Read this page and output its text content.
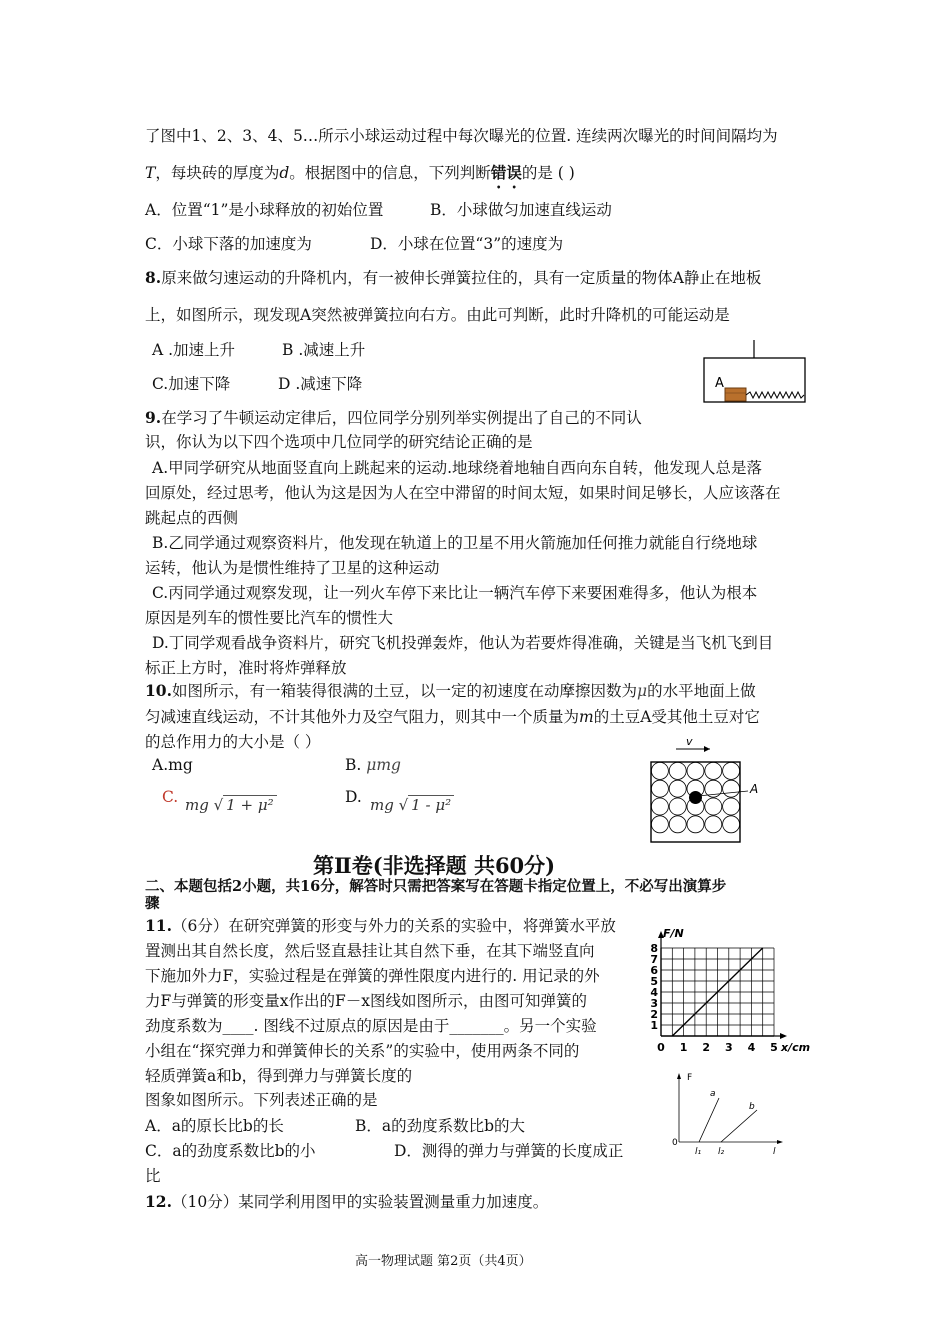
了图中1、2、3、4、5…所示小球运动过程中每次曝光的位置. 连续两次曝光的时间间隔均为
T，每块砖的厚度为d。根据图中的信息，下列判断错误的是 ( )
A．位置“1”是小球释放的初始位置	B．小球做匀加速直线运动
C．小球下落的加速度为	D．小球在位置“3”的速度为
8.原来做匀速运动的升降机内，有一被伸长弹簧拉住的，具有一定质量的物体A静止在地板
上，如图所示，现发现A突然被弹簧拉向右方。由此可判断，此时升降机的可能运动是
A .加速上升	B .减速上升
C.加速下降	D .减速下降	A
9.在学习了牛顿运动定律后，四位同学分别列举实例提出了自己的不同认
识，你认为以下四个选项中几位同学的研究结论正确的是
A.甲同学研究从地面竖直向上跳起来的运动.地球绕着地轴自西向东自转，他发现人总是落
回原处，经过思考，他认为这是因为人在空中滞留的时间太短，如果时间足够长，人应该落在
跳起点的西侧
B.乙同学通过观察资料片，他发现在轨道上的卫星不用火箭施加任何推力就能自行绕地球
运转，他认为是惯性维持了卫星的这种运动
C.丙同学通过观察发现，让一列火车停下来比让一辆汽车停下来要困难得多，他认为根本
原因是列车的惯性要比汽车的惯性大
D.丁同学观看战争资料片，研究飞机投弹轰炸，他认为若要炸得准确，关键是当飞机飞到目
标正上方时，准时将炸弹释放
10.如图所示，有一箱装得很满的土豆，以一定的初速度在动摩擦因数为μ的水平地面上做
匀减速直线运动，不计其他外力及空气阻力，则其中一个质量为m的土豆A受其他土豆对它
的总作用力的大小是（ ）
A.mg	B. μmg
C. mg √ 1 + μ²	D. mg √ 1 - μ²
v
A
第Ⅱ卷(非选择题 共60分)
二、本题包括2小题，共16分，解答时只需把答案写在答题卡指定位置上，不必写出演算步
骤
11.（6分）在研究弹簧的形变与外力的关系的实验中，将弹簧水平放
置测出其自然长度，然后竖直悬挂让其自然下垂，在其下端竖直向
下施加外力F，实验过程是在弹簧的弹性限度内进行的. 用记录的外
力F与弹簧的形变量x作出的F－x图线如图所示，由图可知弹簧的
劲度系数为____. 图线不过原点的原因是由于_______。另一个实验
小组在“探究弹力和弹簧伸长的关系”的实验中，使用两条不同的
轻质弹簧a和b，得到弹力与弹簧长度的
图象如图所示。下列表述正确的是
A．a的原长比b的长	B．a的劲度系数比b的大
C．a的劲度系数比b的小	D．测得的弹力与弹簧的长度成正
比
1
2
3
4
5
6
7
8
0 1 2 3 4 5
F/N
x/cm
F
0
a
b
l₁ l₂	l
12.（10分）某同学利用图甲的实验装置测量重力加速度。
高一物理试题 第2页（共4页）
